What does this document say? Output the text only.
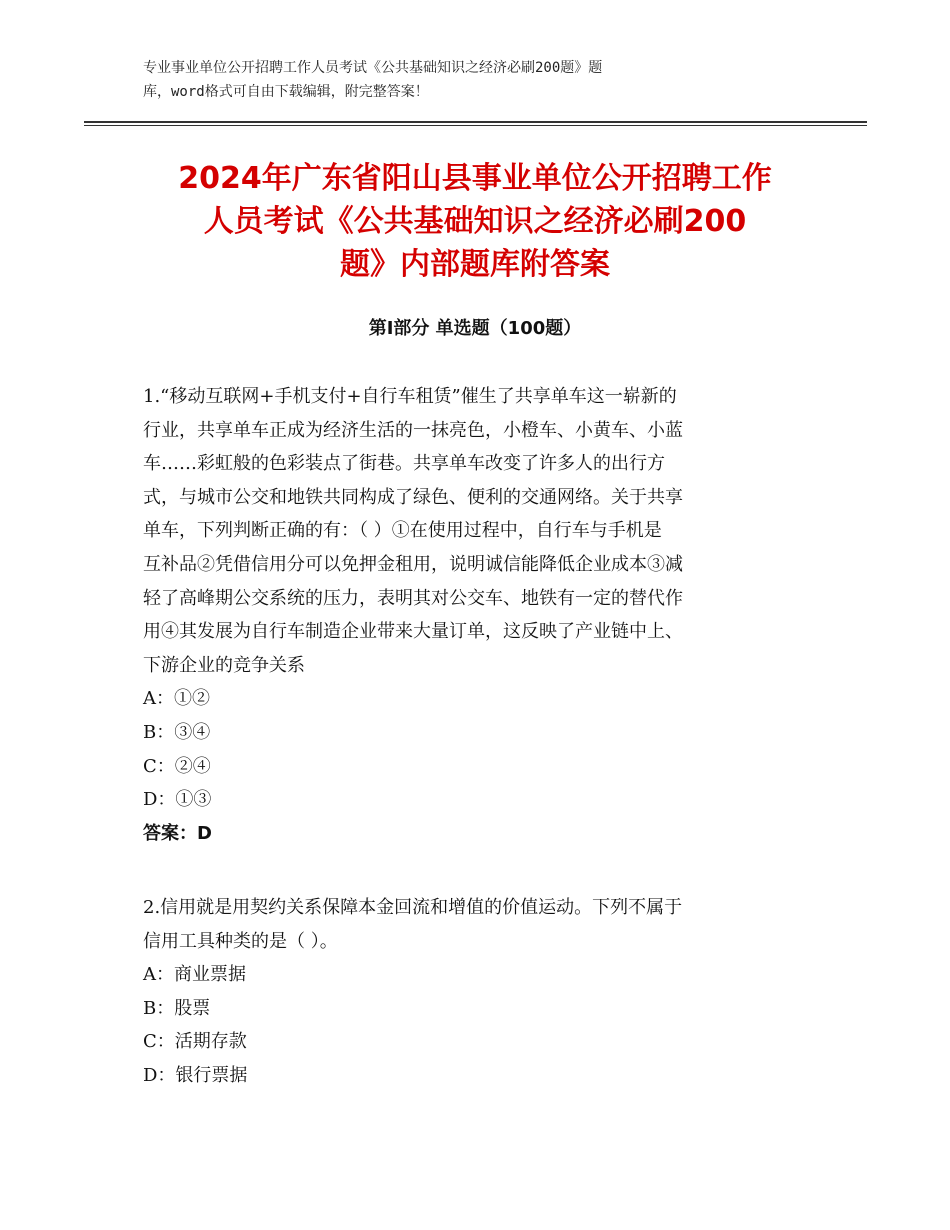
专业事业单位公开招聘工作人员考试《公共基础知识之经济必刷200题》题
库，word格式可自由下载编辑，附完整答案！
2024年广东省阳山县事业单位公开招聘工作
人员考试《公共基础知识之经济必刷200
题》内部题库附答案
第Ⅰ部分 单选题（100题）
1.“移动互联网+手机支付+自行车租赁”催生了共享单车这一崭新的
行业，共享单车正成为经济生活的一抹亮色，小橙车、小黄车、小蓝
车……彩虹般的色彩装点了街巷。共享单车改变了许多人的出行方
式，与城市公交和地铁共同构成了绿色、便利的交通网络。关于共享
单车，下列判断正确的有：（ ）①在使用过程中，自行车与手机是
互补品②凭借信用分可以免押金租用，说明诚信能降低企业成本③减
轻了高峰期公交系统的压力，表明其对公交车、地铁有一定的替代作
用④其发展为自行车制造企业带来大量订单，这反映了产业链中上、
下游企业的竞争关系
A：①②
B：③④
C：②④
D：①③
答案：D
2.信用就是用契约关系保障本金回流和增值的价值运动。下列不属于
信用工具种类的是（ ）。
A：商业票据
B：股票
C：活期存款
D：银行票据
